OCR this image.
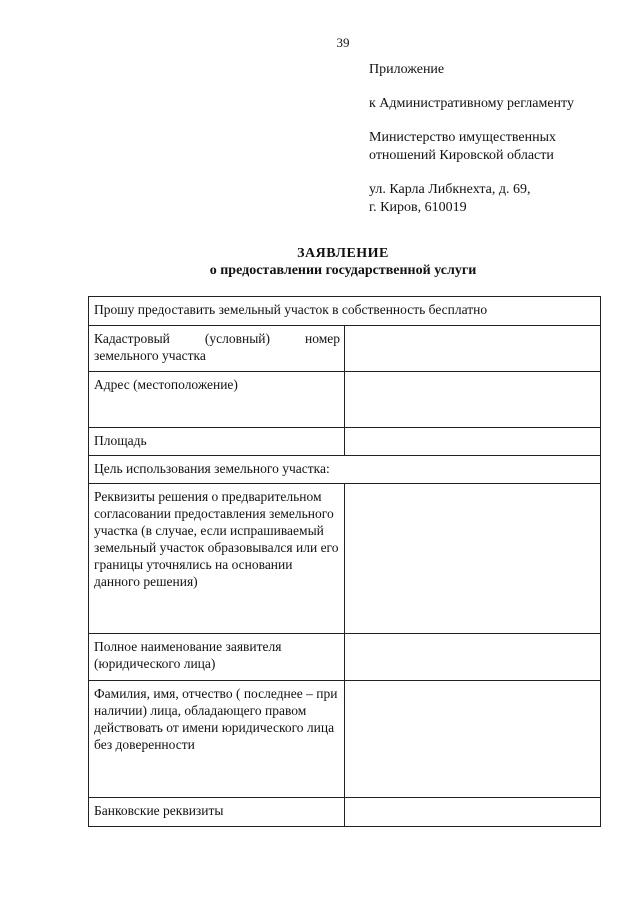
39
Приложение
к Административному регламенту
Министерство имущественных
отношений Кировской области
ул. Карла Либкнехта, д. 69,
г. Киров, 610019
ЗАЯВЛЕНИЕ
о предоставлении государственной услуги
Прошу предоставить земельный участок в собственность бесплатно	

Кадастровый (условный) номер
земельного участка	

Адрес (местоположение)	

Площадь	

Цель использования земельного участка:	
Реквизиты решения о предварительном согласовании предоставления земельного участка (в случае, если испрашиваемый земельный участок образовывался или его границы уточнялись на основании данного решения)	

Полное наименование заявителя (юридического лица)	

Фамилия, имя, отчество ( последнее – при наличии) лица, обладающего правом действовать от имени юридического лица без доверенности	

Банковские реквизиты	
